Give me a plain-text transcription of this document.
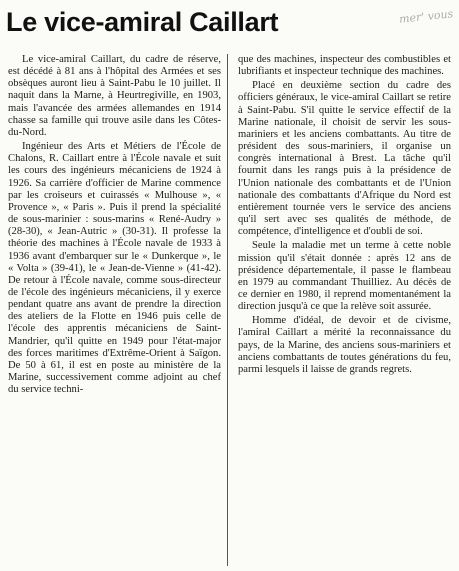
Le vice-amiral Caillart	mer' vous

Le vice-amiral Caillart, du cadre de réserve, est décédé à 81 ans à l'hôpital des Armées et ses obsèques auront lieu à Saint-Pabu le 10 juillet. Il naquit dans la Marne, à Heurtregiville, en 1903, mais l'avancée des armées allemandes en 1914 chasse sa famille qui trouve asile dans les Côtes-du-Nord.

Ingénieur des Arts et Métiers de l'École de Chalons, R. Caillart entre à l'École navale et suit les cours des ingénieurs mécaniciens de 1924 à 1926. Sa carrière d'officier de Marine commence par les croiseurs et cuirassés « Mulhouse », « Provence », « Paris ». Puis il prend la spécialité de sous-marinier : sous-marins « René-Audry » (28-30), « Jean-Autric » (30-31). Il professe la théorie des machines à l'École navale de 1933 à 1936 avant d'embarquer sur le « Dunkerque », le « Volta » (39-41), le « Jean-de-Vienne » (41-42). De retour à l'École navale, comme sous-directeur de l'école des ingénieurs mécaniciens, il y exerce pendant quatre ans avant de prendre la direction des ateliers de la Flotte en 1946 puis celle de l'école des apprentis mécaniciens de Saint-Mandrier, qu'il quitte en 1949 pour l'état-major des forces maritimes d'Extrême-Orient à Saïgon. De 50 à 61, il est en poste au ministère de la Marine, successivement comme adjoint au chef du service techni-

que des machines, inspecteur des combustibles et lubrifiants et inspecteur technique des machines.

Placé en deuxième section du cadre des officiers généraux, le vice-amiral Caillart se retire à Saint-Pabu. S'il quitte le service effectif de la Marine nationale, il choisit de servir les sous-mariniers et les anciens combattants. Au titre de président des sous-mariniers, il organise un congrès international à Brest. La tâche qu'il fournit dans les rangs puis à la présidence de l'Union nationale des combattants et de l'Union nationale des combattants d'Afrique du Nord est entièrement tournée vers le service des anciens qu'il sert avec ses qualités de méthode, de compétence, d'intelligence et d'oubli de soi.

Seule la maladie met un terme à cette noble mission qu'il s'était donnée : après 12 ans de présidence départementale, il passe le flambeau en 1979 au commandant Thuilliez. Au décès de ce dernier en 1980, il reprend momentanément la direction jusqu'à ce que la relève soit assurée.

Homme d'idéal, de devoir et de civisme, l'amiral Caillart a mérité la reconnaissance du pays, de la Marine, des anciens sous-mariniers et anciens combattants de toutes générations du feu, parmi lesquels il laisse de grands regrets.
